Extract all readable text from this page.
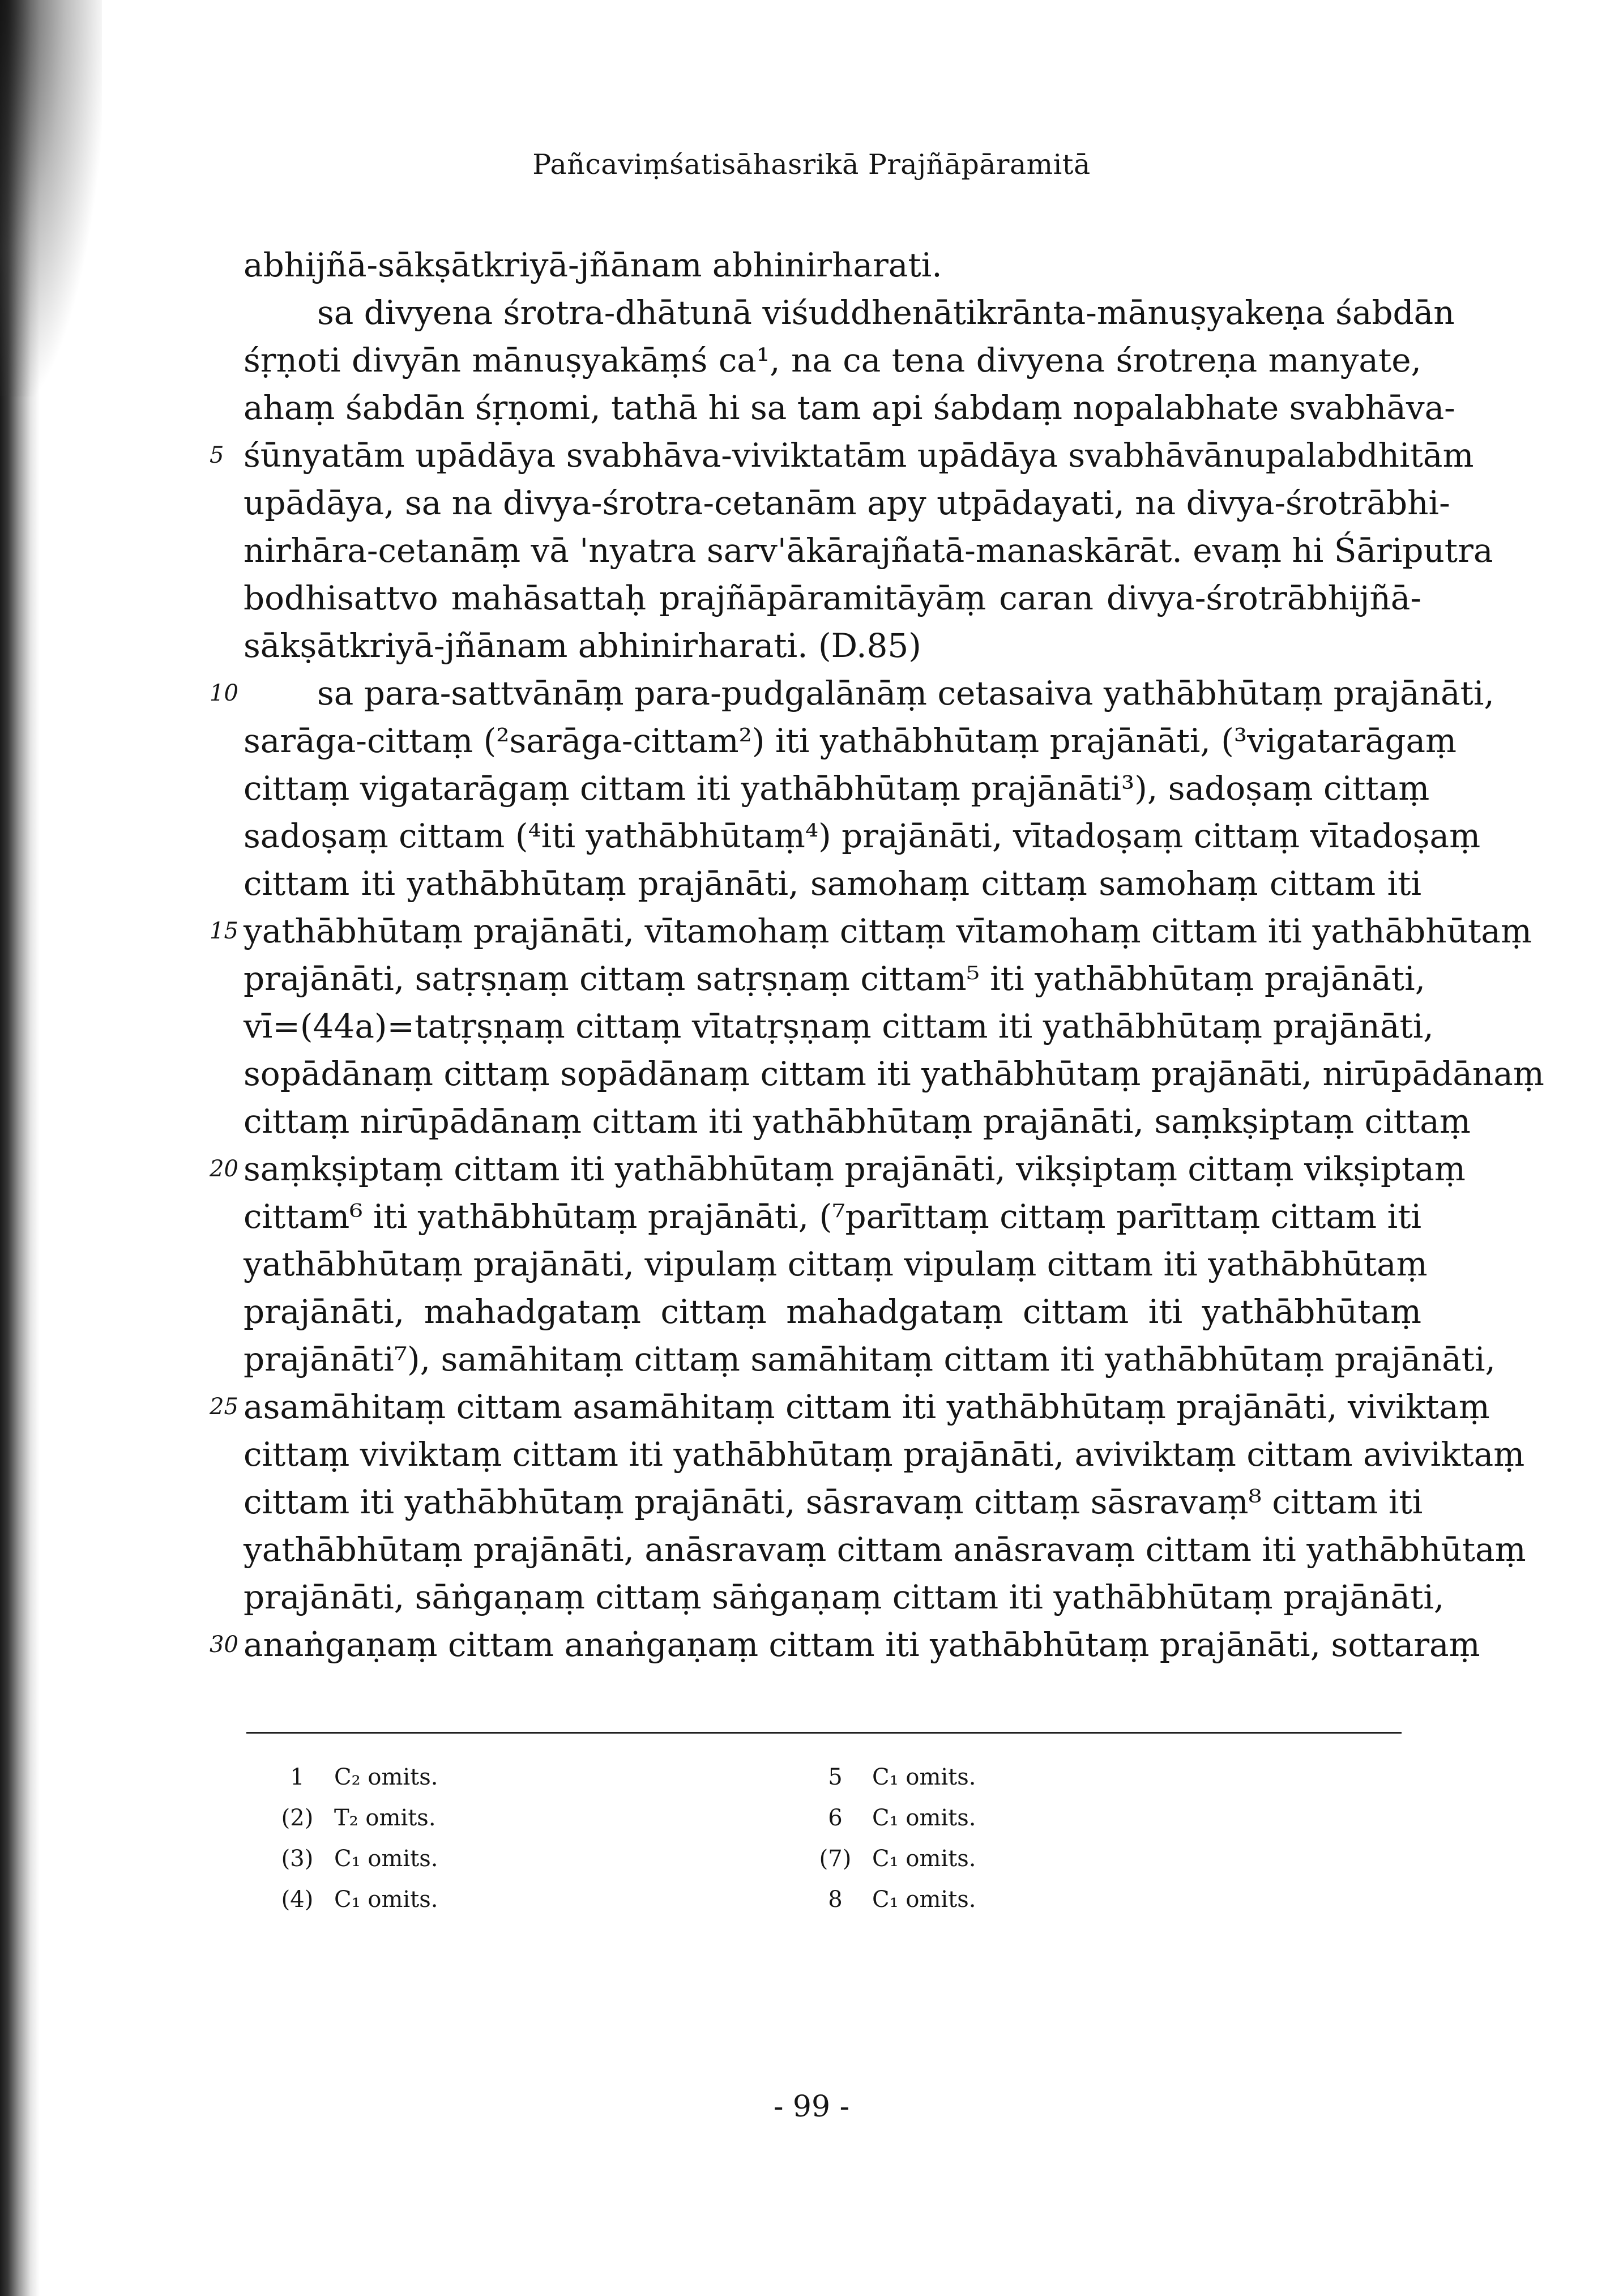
Pañcaviṃśatisāhasrikā Prajñāpāramitā
abhijñā-sākṣātkriyā-jñānam abhinirharati.
sa divyena śrotra-dhātunā viśuddhenātikrānta-mānuṣyakeṇa śabdān
śṛṇoti divyān mānuṣyakāṃś ca¹, na ca tena divyena śrotreṇa manyate,
ahaṃ śabdān śṛṇomi, tathā hi sa tam api śabdaṃ nopalabhate svabhāva-
śūnyatām upādāya svabhāva-viviktatām upādāya svabhāvānupalabdhitām
upādāya, sa na divya-śrotra-cetanām apy utpādayati, na divya-śrotrābhi-
nirhāra-cetanāṃ vā 'nyatra sarv'ākārajñatā-manaskārāt. evaṃ hi Śāriputra
bodhisattvo mahāsattaḥ prajñāpāramitāyāṃ caran divya-śrotrābhijñā-
sākṣātkriyā-jñānam abhinirharati. (D.85)
sa para-sattvānāṃ para-pudgalānāṃ cetasaiva yathābhūtaṃ prajānāti,
sarāga-cittaṃ (²sarāga-cittam²) iti yathābhūtaṃ prajānāti, (³vigatarāgaṃ
cittaṃ vigatarāgaṃ cittam iti yathābhūtaṃ prajānāti³), sadoṣaṃ cittaṃ
sadoṣaṃ cittam (⁴iti yathābhūtaṃ⁴) prajānāti, vītadoṣaṃ cittaṃ vītadoṣaṃ
cittam iti yathābhūtaṃ prajānāti, samohaṃ cittaṃ samohaṃ cittam iti
yathābhūtaṃ prajānāti, vītamohaṃ cittaṃ vītamohaṃ cittam iti yathābhūtaṃ
prajānāti, satṛṣṇaṃ cittaṃ satṛṣṇaṃ cittam⁵ iti yathābhūtaṃ prajānāti,
vī=(44a)=tatṛṣṇaṃ cittaṃ vītatṛṣṇaṃ cittam iti yathābhūtaṃ prajānāti,
sopādānaṃ cittaṃ sopādānaṃ cittam iti yathābhūtaṃ prajānāti, nirūpādānaṃ
cittaṃ nirūpādānaṃ cittam iti yathābhūtaṃ prajānāti, saṃkṣiptaṃ cittaṃ
saṃkṣiptaṃ cittam iti yathābhūtaṃ prajānāti, vikṣiptaṃ cittaṃ vikṣiptaṃ
cittam⁶ iti yathābhūtaṃ prajānāti, (⁷parīttaṃ cittaṃ parīttaṃ cittam iti
yathābhūtaṃ prajānāti, vipulaṃ cittaṃ vipulaṃ cittam iti yathābhūtaṃ
prajānāti, mahadgataṃ cittaṃ mahadgataṃ cittam iti yathābhūtaṃ
prajānāti⁷), samāhitaṃ cittaṃ samāhitaṃ cittam iti yathābhūtaṃ prajānāti,
asamāhitaṃ cittam asamāhitaṃ cittam iti yathābhūtaṃ prajānāti, viviktaṃ
cittaṃ viviktaṃ cittam iti yathābhūtaṃ prajānāti, aviviktaṃ cittam aviviktaṃ
cittam iti yathābhūtaṃ prajānāti, sāsravaṃ cittaṃ sāsravaṃ⁸ cittam iti
yathābhūtaṃ prajānāti, anāsravaṃ cittam anāsravaṃ cittam iti yathābhūtaṃ
prajānāti, sāṅgaṇaṃ cittaṃ sāṅgaṇaṃ cittam iti yathābhūtaṃ prajānāti,
anaṅgaṇaṃ cittam anaṅgaṇaṃ cittam iti yathābhūtaṃ prajānāti, sottaraṃ
5
10
15
20
25
30
1 C₂ omits.
(2) T₂ omits.
(3) C₁ omits.
(4) C₁ omits.
5 C₁ omits.
6 C₁ omits.
(7) C₁ omits.
8 C₁ omits.
- 99 -
